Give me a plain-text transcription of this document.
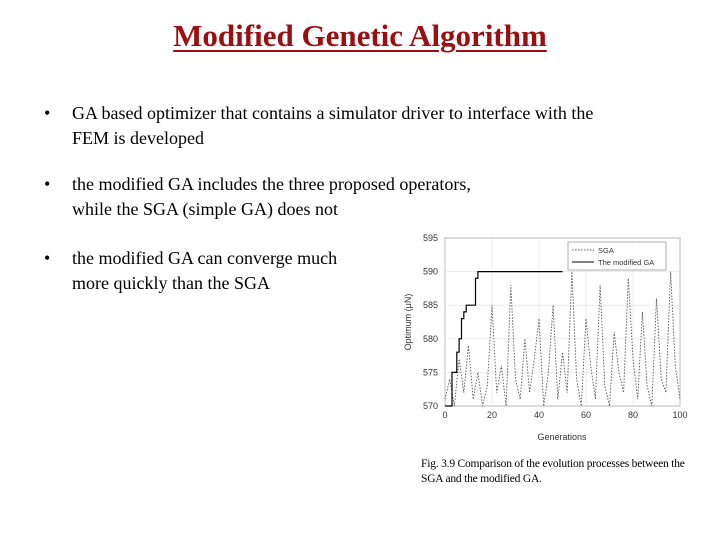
Modified Genetic Algorithm
•	GA based optimizer that contains a simulator driver to interface with the
FEM is developed
•	the modified GA includes the three proposed operators,
while the SGA (simple GA) does not
•	the modified GA can converge much
more quickly than the SGA
0	20	40	60	80	100
570
575
580
585
590
595
Generations
Optimum (μN)
SGA
The modified GA
Fig. 3.9 Comparison of the evolution processes between the SGA and the modified GA.
